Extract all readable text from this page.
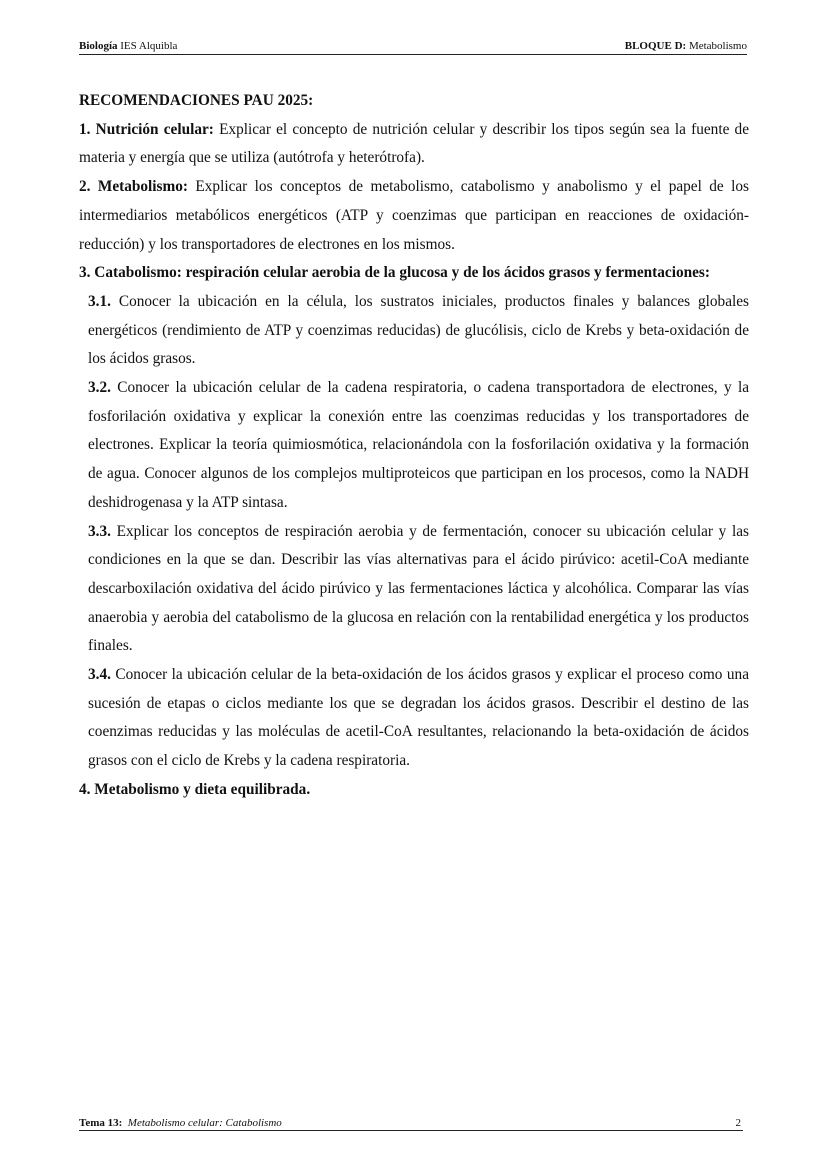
Biología IES Alquibla	BLOQUE D: Metabolismo

RECOMENDACIONES PAU 2025:

1. Nutrición celular: Explicar el concepto de nutrición celular y describir los tipos según sea la fuente de materia y energía que se utiliza (autótrofa y heterótrofa).

2. Metabolismo: Explicar los conceptos de metabolismo, catabolismo y anabolismo y el papel de los intermediarios metabólicos energéticos (ATP y coenzimas que participan en reacciones de oxidación-reducción) y los transportadores de electrones en los mismos.

3. Catabolismo: respiración celular aerobia de la glucosa y de los ácidos grasos y fermentaciones:

3.1. Conocer la ubicación en la célula, los sustratos iniciales, productos finales y balances globales energéticos (rendimiento de ATP y coenzimas reducidas) de glucólisis, ciclo de Krebs y beta-oxidación de los ácidos grasos.

3.2. Conocer la ubicación celular de la cadena respiratoria, o cadena transportadora de electrones, y la fosforilación oxidativa y explicar la conexión entre las coenzimas reducidas y los transportadores de electrones. Explicar la teoría quimiosmótica, relacionándola con la fosforilación oxidativa y la formación de agua. Conocer algunos de los complejos multiproteicos que participan en los procesos, como la NADH deshidrogenasa y la ATP sintasa.

3.3. Explicar los conceptos de respiración aerobia y de fermentación, conocer su ubicación celular y las condiciones en la que se dan. Describir las vías alternativas para el ácido pirúvico: acetil-CoA mediante descarboxilación oxidativa del ácido pirúvico y las fermentaciones láctica y alcohólica. Comparar las vías anaerobia y aerobia del catabolismo de la glucosa en relación con la rentabilidad energética y los productos finales.

3.4. Conocer la ubicación celular de la beta-oxidación de los ácidos grasos y explicar el proceso como una sucesión de etapas o ciclos mediante los que se degradan los ácidos grasos. Describir el destino de las coenzimas reducidas y las moléculas de acetil-CoA resultantes, relacionando la beta-oxidación de ácidos grasos con el ciclo de Krebs y la cadena respiratoria.

4. Metabolismo y dieta equilibrada.

Tema 13: Metabolismo celular: Catabolismo	2
